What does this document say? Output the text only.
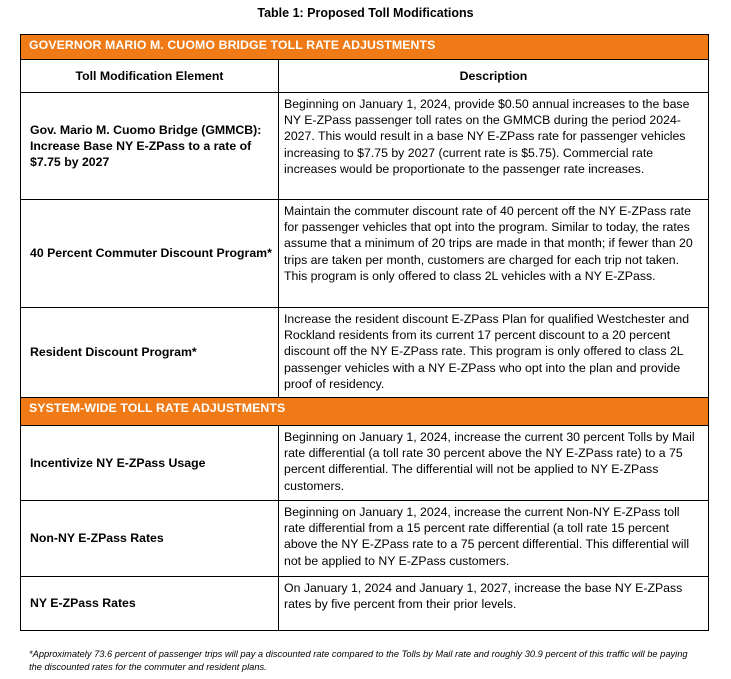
Table 1: Proposed Toll Modifications
GOVERNOR MARIO M. CUOMO BRIDGE TOLL RATE ADJUSTMENTS
Toll Modification Element	Description
Gov. Mario M. Cuomo Bridge (GMMCB): Increase Base NY E-ZPass to a rate of $7.75 by 2027
Beginning on January 1, 2024, provide $0.50 annual increases to the base NY E-ZPass passenger toll rates on the GMMCB during the period 2024-2027. This would result in a base NY E-ZPass rate for passenger vehicles increasing to $7.75 by 2027 (current rate is $5.75). Commercial rate increases would be proportionate to the passenger rate increases.
40 Percent Commuter Discount Program*
Maintain the commuter discount rate of 40 percent off the NY E-ZPass rate for passenger vehicles that opt into the program. Similar to today, the rates assume that a minimum of 20 trips are made in that month; if fewer than 20 trips are taken per month, customers are charged for each trip not taken. This program is only offered to class 2L vehicles with a NY E-ZPass.
Resident Discount Program*
Increase the resident discount E-ZPass Plan for qualified Westchester and Rockland residents from its current 17 percent discount to a 20 percent discount off the NY E-ZPass rate. This program is only offered to class 2L passenger vehicles with a NY E-ZPass who opt into the plan and provide proof of residency.
SYSTEM-WIDE TOLL RATE ADJUSTMENTS
Incentivize NY E-ZPass Usage
Beginning on January 1, 2024, increase the current 30 percent Tolls by Mail rate differential (a toll rate 30 percent above the NY E-ZPass rate) to a 75 percent differential. The differential will not be applied to NY E-ZPass customers.
Non-NY E-ZPass Rates
Beginning on January 1, 2024, increase the current Non-NY E-ZPass toll rate differential from a 15 percent rate differential (a toll rate 15 percent above the NY E-ZPass rate to a 75 percent differential. This differential will not be applied to NY E-ZPass customers.
NY E-ZPass Rates
On January 1, 2024 and January 1, 2027, increase the base NY E-ZPass rates by five percent from their prior levels.
*Approximately 73.6 percent of passenger trips will pay a discounted rate compared to the Tolls by Mail rate and roughly 30.9 percent of this traffic will be paying the discounted rates for the commuter and resident plans.
